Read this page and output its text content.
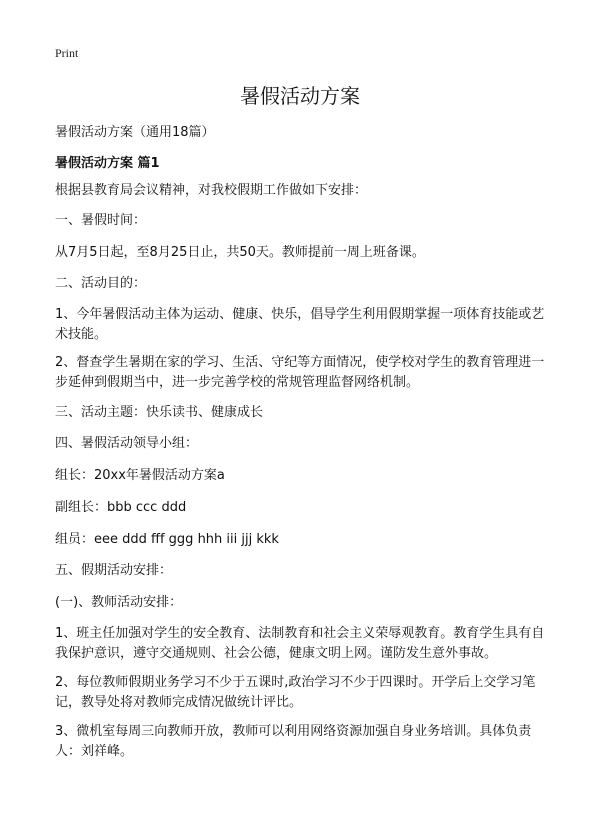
Print
暑假活动方案
暑假活动方案（通用18篇）
暑假活动方案 篇1
根据县教育局会议精神，对我校假期工作做如下安排：
一、暑假时间：
从7月5日起，至8月25日止，共50天。教师提前一周上班备课。
二、活动目的：
1、今年暑假活动主体为运动、健康、快乐，倡导学生利用假期掌握一项体育技能或艺术技能。
2、督查学生暑期在家的学习、生活、守纪等方面情况，使学校对学生的教育管理进一步延伸到假期当中，进一步完善学校的常规管理监督网络机制。
三、活动主题：快乐读书、健康成长
四、暑假活动领导小组：
组长：20xx年暑假活动方案a
副组长：bbb ccc ddd
组员：eee ddd fff ggg hhh iii jjj kkk
五、假期活动安排：
(一)、教师活动安排：
1、班主任加强对学生的安全教育、法制教育和社会主义荣辱观教育。教育学生具有自我保护意识，遵守交通规则、社会公德，健康文明上网。谨防发生意外事故。
2、每位教师假期业务学习不少于五课时,政治学习不少于四课时。开学后上交学习笔记，教导处将对教师完成情况做统计评比。
3、微机室每周三向教师开放，教师可以利用网络资源加强自身业务培训。具体负责人：刘祥峰。
